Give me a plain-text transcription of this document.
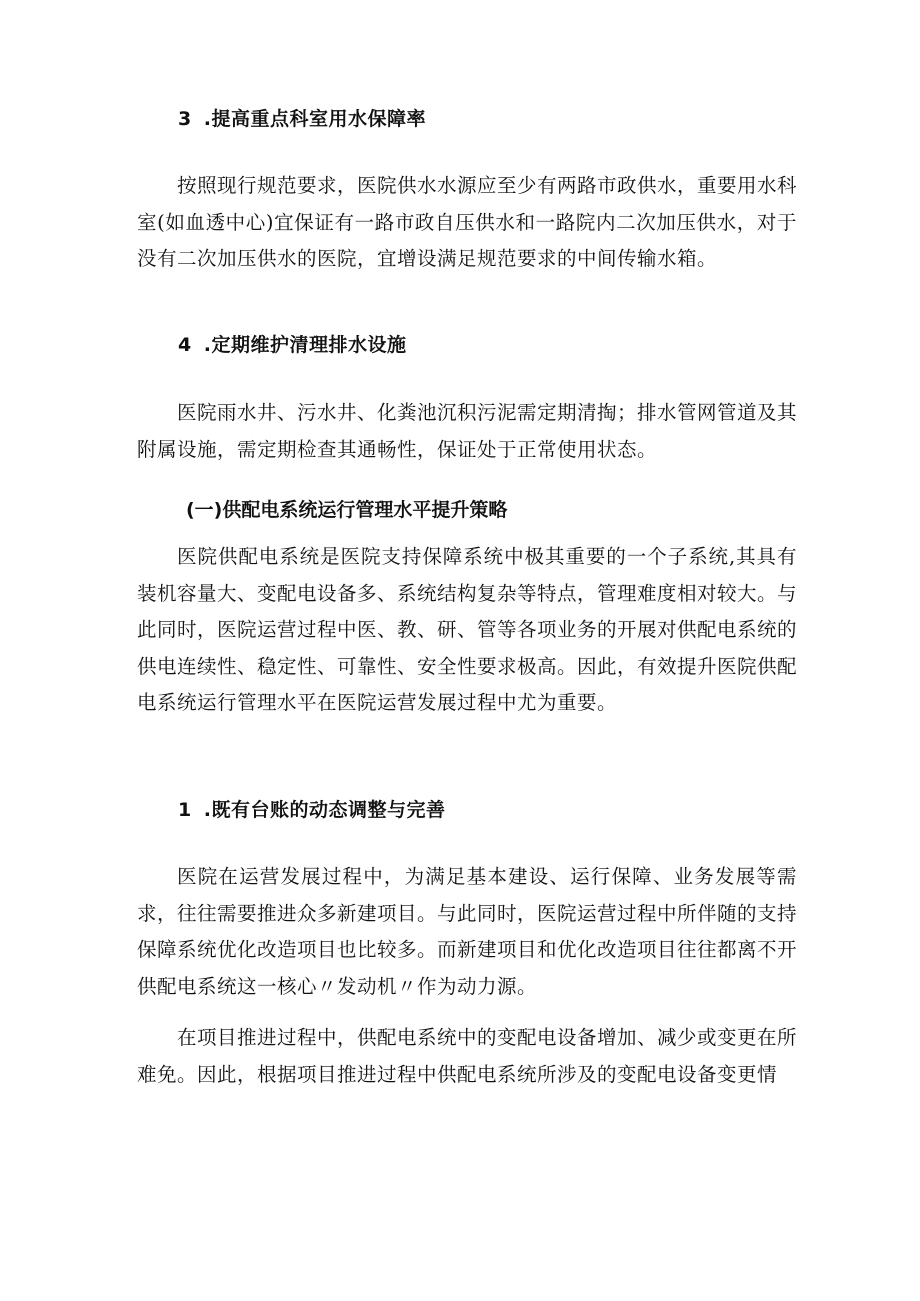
3 .提高重点科室用水保障率
按照现行规范要求，医院供水水源应至少有两路市政供水，重要用水科室(如血透中心)宜保证有一路市政自压供水和一路院内二次加压供水，对于没有二次加压供水的医院，宜增设满足规范要求的中间传输水箱。
4 .定期维护清理排水设施
医院雨水井、污水井、化粪池沉积污泥需定期清掏；排水管网管道及其附属设施，需定期检查其通畅性，保证处于正常使用状态。
(一)供配电系统运行管理水平提升策略
医院供配电系统是医院支持保障系统中极其重要的一个子系统,其具有装机容量大、变配电设备多、系统结构复杂等特点，管理难度相对较大。与此同时，医院运营过程中医、教、研、管等各项业务的开展对供配电系统的供电连续性、稳定性、可靠性、安全性要求极高。因此，有效提升医院供配电系统运行管理水平在医院运营发展过程中尤为重要。
1 .既有台账的动态调整与完善
医院在运营发展过程中，为满足基本建设、运行保障、业务发展等需求，往往需要推进众多新建项目。与此同时，医院运营过程中所伴随的支持保障系统优化改造项目也比较多。而新建项目和优化改造项目往往都离不开供配电系统这一核心〃发动机〃作为动力源。
在项目推进过程中，供配电系统中的变配电设备增加、减少或变更在所难免。因此，根据项目推进过程中供配电系统所涉及的变配电设备变更情
